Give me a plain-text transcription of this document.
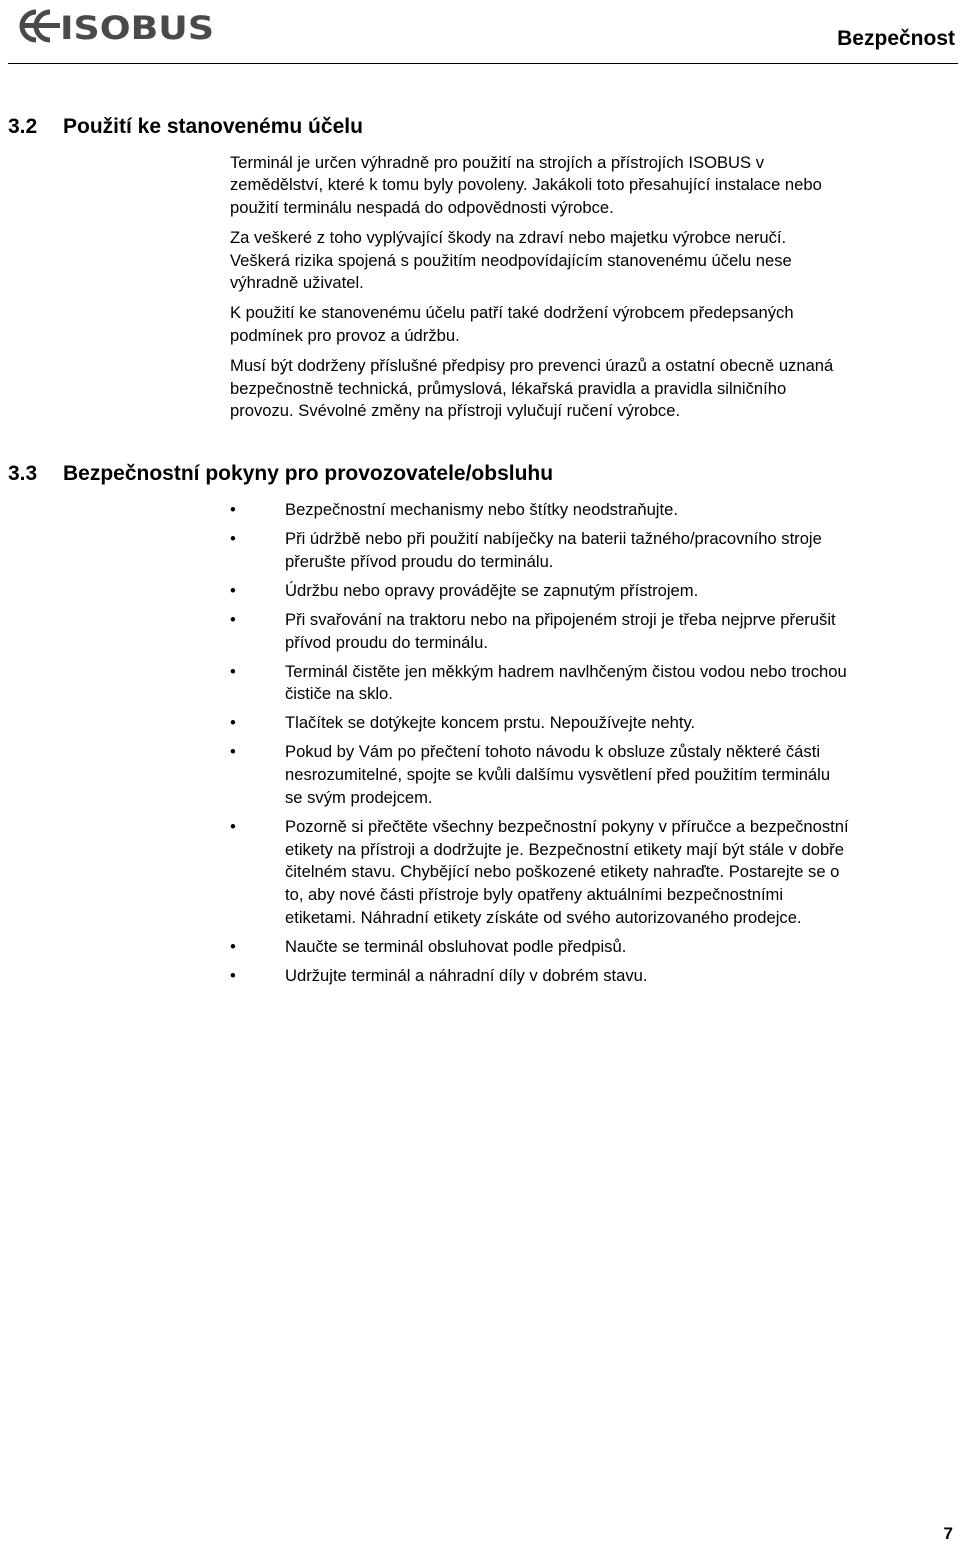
ISOBUS	Bezpečnost
3.2 Použití ke stanovenému účelu

Terminál je určen výhradně pro použití na strojích a přístrojích ISOBUS v
zemědělství, které k tomu byly povoleny. Jakákoli toto přesahující instalace nebo
použití terminálu nespadá do odpovědnosti výrobce.

Za veškeré z toho vyplývající škody na zdraví nebo majetku výrobce neručí.
Veškerá rizika spojená s použitím neodpovídajícím stanovenému účelu nese
výhradně uživatel.

K použití ke stanovenému účelu patří také dodržení výrobcem předepsaných
podmínek pro provoz a údržbu.

Musí být dodrženy příslušné předpisy pro prevenci úrazů a ostatní obecně uznaná
bezpečnostně technická, průmyslová, lékařská pravidla a pravidla silničního
provozu. Svévolné změny na přístroji vylučují ručení výrobce.

3.3 Bezpečnostní pokyny pro provozovatele/obsluhu
•	Bezpečnostní mechanismy nebo štítky neodstraňujte.
•	Při údržbě nebo při použití nabíječky na baterii tažného/pracovního stroje
přerušte přívod proudu do terminálu.
•	Údržbu nebo opravy provádějte se zapnutým přístrojem.
•	Při svařování na traktoru nebo na připojeném stroji je třeba nejprve přerušit
přívod proudu do terminálu.
•	Terminál čistěte jen měkkým hadrem navlhčeným čistou vodou nebo trochou
čističe na sklo.
•	Tlačítek se dotýkejte koncem prstu. Nepoužívejte nehty.
•	Pokud by Vám po přečtení tohoto návodu k obsluze zůstaly některé části
nesrozumitelné, spojte se kvůli dalšímu vysvětlení před použitím terminálu
se svým prodejcem.
•	Pozorně si přečtěte všechny bezpečnostní pokyny v příručce a bezpečnostní
etikety na přístroji a dodržujte je. Bezpečnostní etikety mají být stále v dobře
čitelném stavu. Chybějící nebo poškozené etikety nahraďte. Postarejte se o
to, aby nové části přístroje byly opatřeny aktuálními bezpečnostními
etiketami. Náhradní etikety získáte od svého autorizovaného prodejce.
•	Naučte se terminál obsluhovat podle předpisů.
•	Udržujte terminál a náhradní díly v dobrém stavu.
7
